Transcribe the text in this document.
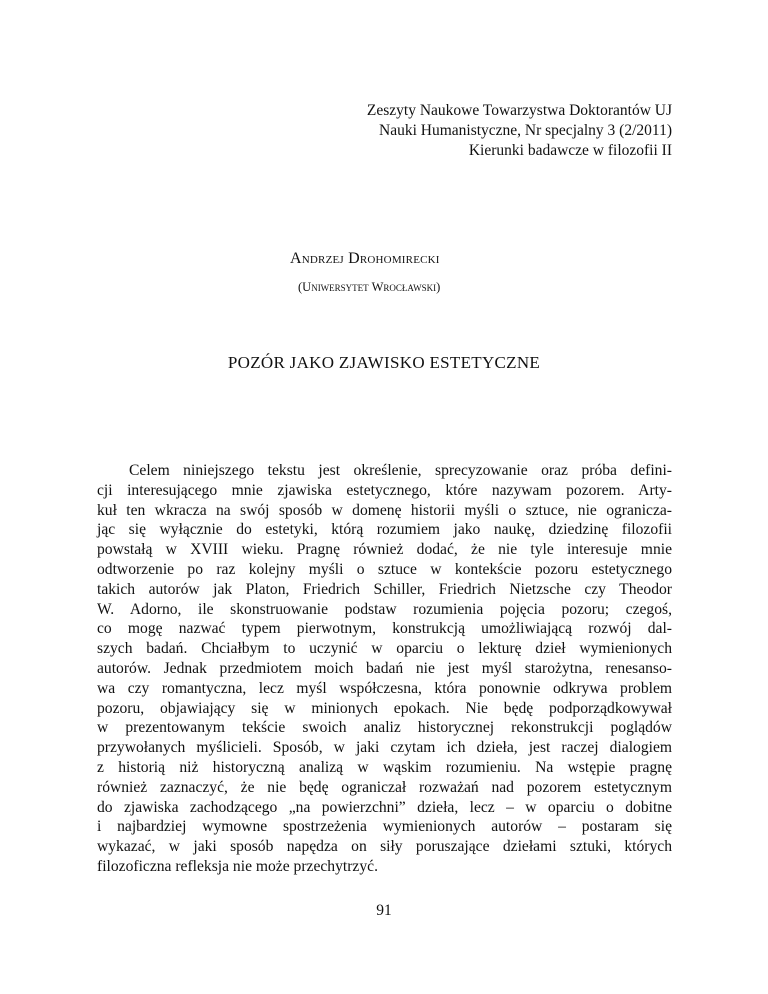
Zeszyty Naukowe Towarzystwa Doktorantów UJ
Nauki Humanistyczne, Nr specjalny 3 (2/2011)
Kierunki badawcze w filozofii II
Andrzej Drohomirecki
(Uniwersytet Wrocławski)
POZÓR JAKO ZJAWISKO ESTETYCZNE
Celem niniejszego tekstu jest określenie, sprecyzowanie oraz próba defini-
cji interesującego mnie zjawiska estetycznego, które nazywam pozorem. Arty-
kuł ten wkracza na swój sposób w domenę historii myśli o sztuce, nie ogranicza-
jąc się wyłącznie do estetyki, którą rozumiem jako naukę, dziedzinę filozofii
powstałą w XVIII wieku. Pragnę również dodać, że nie tyle interesuje mnie
odtworzenie po raz kolejny myśli o sztuce w kontekście pozoru estetycznego
takich autorów jak Platon, Friedrich Schiller, Friedrich Nietzsche czy Theodor
W. Adorno, ile skonstruowanie podstaw rozumienia pojęcia pozoru; czegoś,
co mogę nazwać typem pierwotnym, konstrukcją umożliwiającą rozwój dal-
szych badań. Chciałbym to uczynić w oparciu o lekturę dzieł wymienionych
autorów. Jednak przedmiotem moich badań nie jest myśl starożytna, renesanso-
wa czy romantyczna, lecz myśl współczesna, która ponownie odkrywa problem
pozoru, objawiający się w minionych epokach. Nie będę podporządkowywał
w prezentowanym tekście swoich analiz historycznej rekonstrukcji poglądów
przywołanych myślicieli. Sposób, w jaki czytam ich dzieła, jest raczej dialogiem
z historią niż historyczną analizą w wąskim rozumieniu. Na wstępie pragnę
również zaznaczyć, że nie będę ograniczał rozważań nad pozorem estetycznym
do zjawiska zachodzącego „na powierzchni” dzieła, lecz – w oparciu o dobitne
i najbardziej wymowne spostrzeżenia wymienionych autorów – postaram się
wykazać, w jaki sposób napędza on siły poruszające dziełami sztuki, których
filozoficzna refleksja nie może przechytrzyć.
91
